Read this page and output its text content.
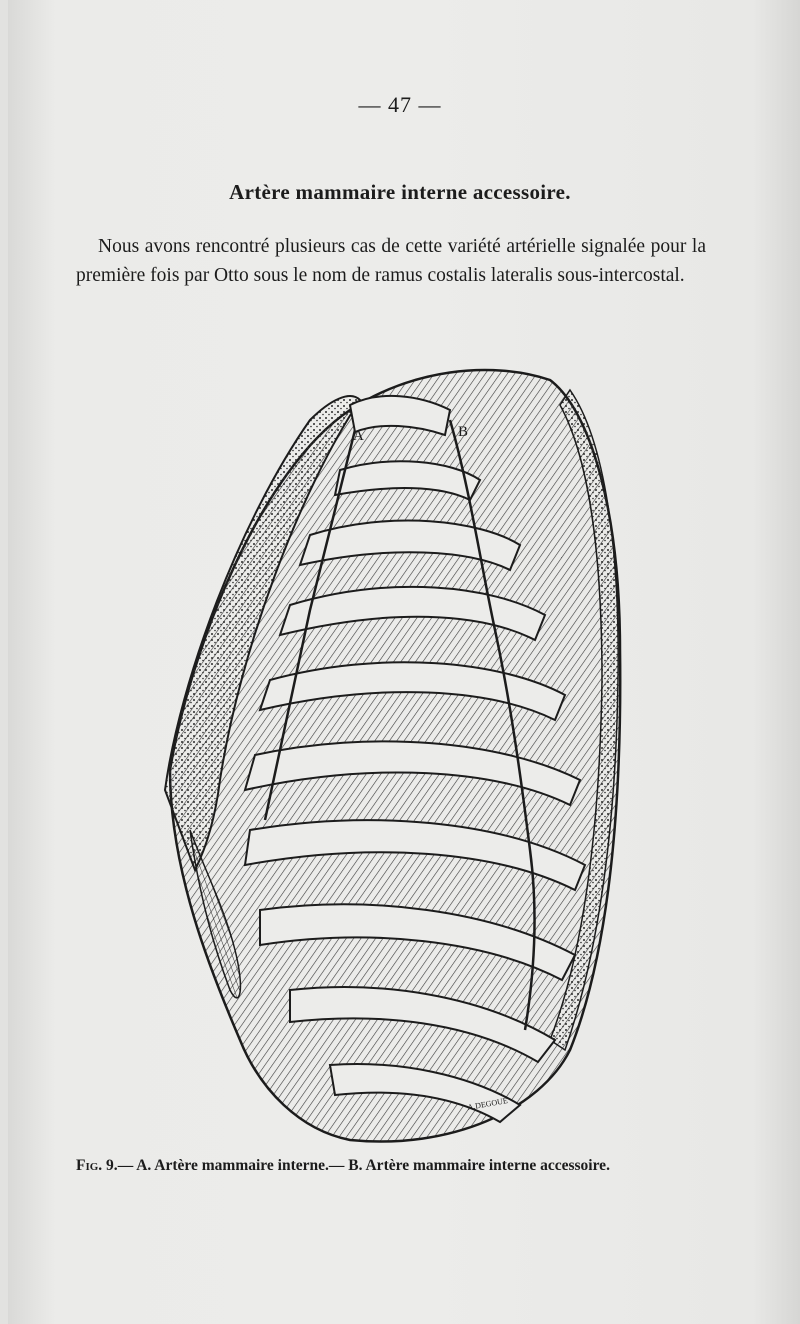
— 47 —
Artère mammaire interne accessoire.
Nous avons rencontré plusieurs cas de cette variété artérielle signalée pour la première fois par Otto sous le nom de ramus costalis lateralis sous-intercostal.
A	B
A.DEGOUÉ
Fig. 9.— A. Artère mammaire interne.— B. Artère mammaire interne accessoire.
